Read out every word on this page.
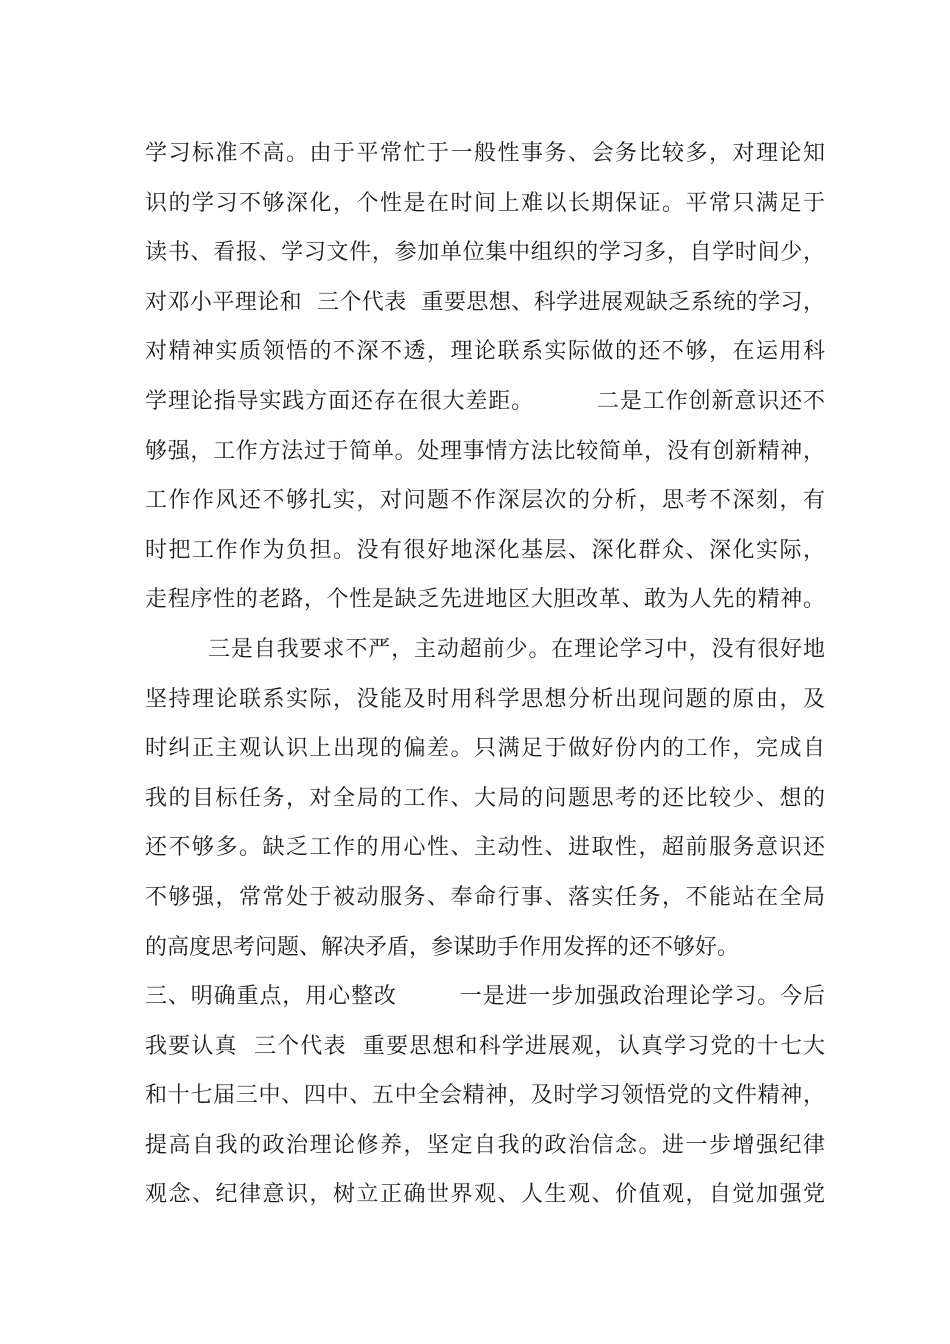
学习标准不高。由于平常忙于一般性事务、会务比较多，对理论知
识的学习不够深化，个性是在时间上难以长期保证。平常只满足于
读书、看报、学习文件，参加单位集中组织的学习多，自学时间少，
对邓小平理论和  三个代表  重要思想、科学进展观缺乏系统的学习，
对精神实质领悟的不深不透，理论联系实际做的还不够，在运用科
学理论指导实践方面还存在很大差距。        二是工作创新意识还不
够强，工作方法过于简单。处理事情方法比较简单，没有创新精神，
工作作风还不够扎实，对问题不作深层次的分析，思考不深刻，有
时把工作作为负担。没有很好地深化基层、深化群众、深化实际，
走程序性的老路，个性是缺乏先进地区大胆改革、敢为人先的精神。
三是自我要求不严，主动超前少。在理论学习中，没有很好地
坚持理论联系实际，没能及时用科学思想分析出现问题的原由，及
时纠正主观认识上出现的偏差。只满足于做好份内的工作，完成自
我的目标任务，对全局的工作、大局的问题思考的还比较少、想的
还不够多。缺乏工作的用心性、主动性、进取性，超前服务意识还
不够强，常常处于被动服务、奉命行事、落实任务，不能站在全局
的高度思考问题、解决矛盾，参谋助手作用发挥的还不够好。
三、明确重点，用心整改        一是进一步加强政治理论学习。今后
我要认真  三个代表  重要思想和科学进展观，认真学习党的十七大
和十七届三中、四中、五中全会精神，及时学习领悟党的文件精神，
提高自我的政治理论修养，坚定自我的政治信念。进一步增强纪律
观念、纪律意识，树立正确世界观、人生观、价值观，自觉加强党
